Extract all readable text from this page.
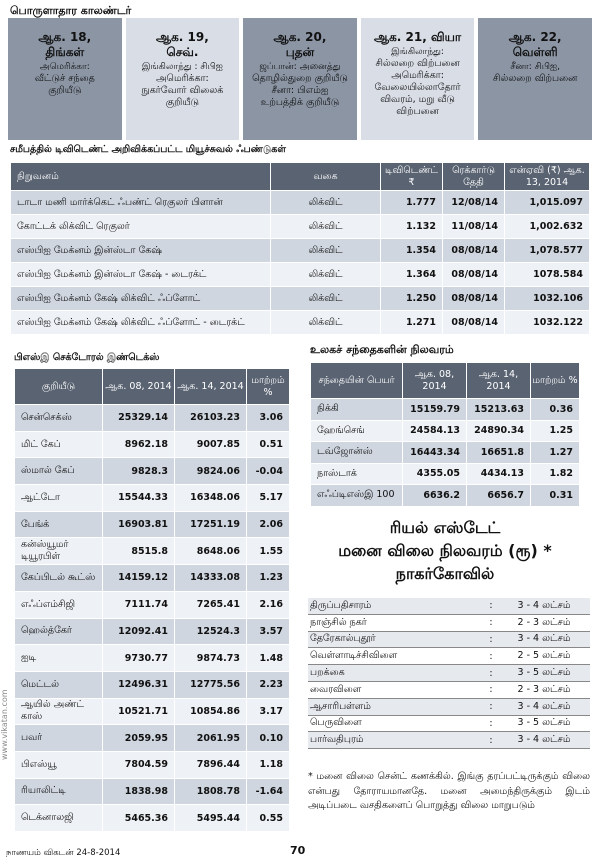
பொருளாதார காலண்டர்
ஆக. 18,
திங்கள்
அமெரிக்கா:
வீட்டுச் சந்தை
குறியீடு
ஆக. 19,
செவ்.
இங்கிலாந்து : சிபிஐ
அமெரிக்கா:
நுகர்வோர் விலைக்
குறியீடு
ஆக. 20,
புதன்
ஜப்பான்: அனைத்து
தொழில்துறை குறியீடு
சீனா: பிஎம்ஐ
உற்பத்திக் குறியீடு
ஆக. 21, வியா
இங்கிலாந்து:
சில்லறை விற்பனை
அமெரிக்கா:
வேலையில்லாதோர்
விவரம், மறு வீடு
விற்பனை
ஆக. 22,
வெள்ளி
சீனா: சிபிஐ,
சில்லறை விற்பனை
சமீபத்தில் டிவிடெண்ட் அறிவிக்கப்பட்ட மியூச்சுவல் ஃபண்டுகள்
நிறுவனம்	வகை	டிவிடெண்ட் ₹	ரெக்கார்டு தேதி	என்ஏவி (₹) ஆக. 13, 2014
டாடா மணி மார்க்கெட் ஃபண்ட் ரெகுலர் பிளான்	லிக்விட்	1.777	12/08/14	1,015.097
கோட்டக் லிக்விட் ரெகுலர்	லிக்விட்	1.132	11/08/14	1,002.632
எஸ்பிஐ மேக்னம் இன்ஸ்டா கேஷ்	லிக்விட்	1.354	08/08/14	1,078.577
எஸ்பிஐ மேக்னம் இன்ஸ்டா கேஷ் - டைரக்ட்	லிக்விட்	1.364	08/08/14	1078.584
எஸ்பிஐ மேக்னம் கேஷ் லிக்விட் ஃப்ளோட்	லிக்விட்	1.250	08/08/14	1032.106
எஸ்பிஐ மேக்னம் கேஷ் லிக்விட் ஃப்ளோட் - டைரக்ட்	லிக்விட்	1.271	08/08/14	1032.122
பிஎஸ்இ செக்டோரல் இண்டெக்ஸ்
குறியீடு	ஆக. 08, 2014	ஆக. 14, 2014	மாற்றம் %
சென்செக்ஸ்	25329.14	26103.23	3.06
மிட் கேப்	8962.18	9007.85	0.51
ஸ்மால் கேப்	9828.3	9824.06	-0.04
ஆட்டோ	15544.33	16348.06	5.17
பேங்க்	16903.81	17251.19	2.06
கன்ஸ்யூமர் டியூரபிள்	8515.8	8648.06	1.55
கேப்பிடல் கூட்ஸ்	14159.12	14333.08	1.23
எஃப்எம்சிஜி	7111.74	7265.41	2.16
ஹெல்த்கேர்	12092.41	12524.3	3.57
ஐடி	9730.77	9874.73	1.48
மெட்டல்	12496.31	12775.56	2.23
ஆயில் அண்ட் காஸ்	10521.71	10854.86	3.17
பவர்	2059.95	2061.95	0.10
பிஎஸ்யூ	7804.59	7896.44	1.18
ரியாலிட்டி	1838.98	1808.78	-1.64
டெக்னாலஜி	5465.36	5495.44	0.55
உலகச் சந்தைகளின் நிலவரம்
சந்தையின் பெயர்	ஆக. 08, 2014	ஆக. 14, 2014	மாற்றம் %
நிக்கி	15159.79	15213.63	0.36
ஹேங்செங்	24584.13	24890.34	1.25
டவ்ஜோன்ஸ்	16443.34	16651.8	1.27
நாஸ்டாக்	4355.05	4434.13	1.82
எஃப்டிஎஸ்இ 100	6636.2	6656.7	0.31
ரியல் எஸ்டேட்
மனை விலை நிலவரம் (ரூ) *
நாகர்கோவில்
திருப்பதிசாரம்	:	3 - 4 லட்சம்
நாஞ்சில் நகர்	:	2 - 3 லட்சம்
தேரேகால்புதூர்	:	3 - 4 லட்சம்
வெள்ளாடிச்சிவிளை	:	2 - 5 லட்சம்
பறக்கை	:	3 - 5 லட்சம்
வைரவிளை	:	2 - 3 லட்சம்
ஆசாரிபள்ளம்	:	3 - 4 லட்சம்
பெருவிளை	:	3 - 5 லட்சம்
பார்வதிபுரம்	:	3 - 4 லட்சம்
* மனை விலை சென்ட் கணக்கில். இங்கு தரப்பட்டிருக்கும் விலை என்பது தோராயமானதே. மனை அமைந்திருக்கும் இடம் அடிப்படை வசதிகளைப் பொறுத்து விலை மாறுபடும்
www.vikatan.com
நாணயம் விகடன் 24-8-2014	70
